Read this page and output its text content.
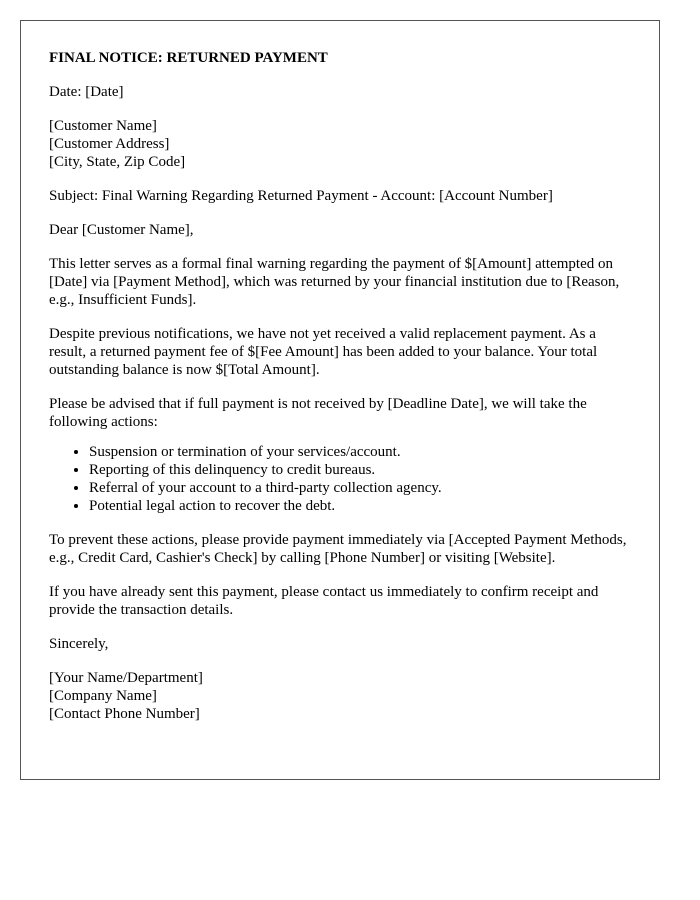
FINAL NOTICE: RETURNED PAYMENT

Date: [Date]

[Customer Name]
[Customer Address]
[City, State, Zip Code]

Subject: Final Warning Regarding Returned Payment - Account: [Account Number]

Dear [Customer Name],

This letter serves as a formal final warning regarding the payment of $[Amount] attempted on [Date] via [Payment Method], which was returned by your financial institution due to [Reason, e.g., Insufficient Funds].

Despite previous notifications, we have not yet received a valid replacement payment. As a result, a returned payment fee of $[Fee Amount] has been added to your balance. Your total outstanding balance is now $[Total Amount].

Please be advised that if full payment is not received by [Deadline Date], we will take the following actions:

• Suspension or termination of your services/account.
• Reporting of this delinquency to credit bureaus.
• Referral of your account to a third-party collection agency.
• Potential legal action to recover the debt.

To prevent these actions, please provide payment immediately via [Accepted Payment Methods, e.g., Credit Card, Cashier's Check] by calling [Phone Number] or visiting [Website].

If you have already sent this payment, please contact us immediately to confirm receipt and provide the transaction details.

Sincerely,

[Your Name/Department]
[Company Name]
[Contact Phone Number]
